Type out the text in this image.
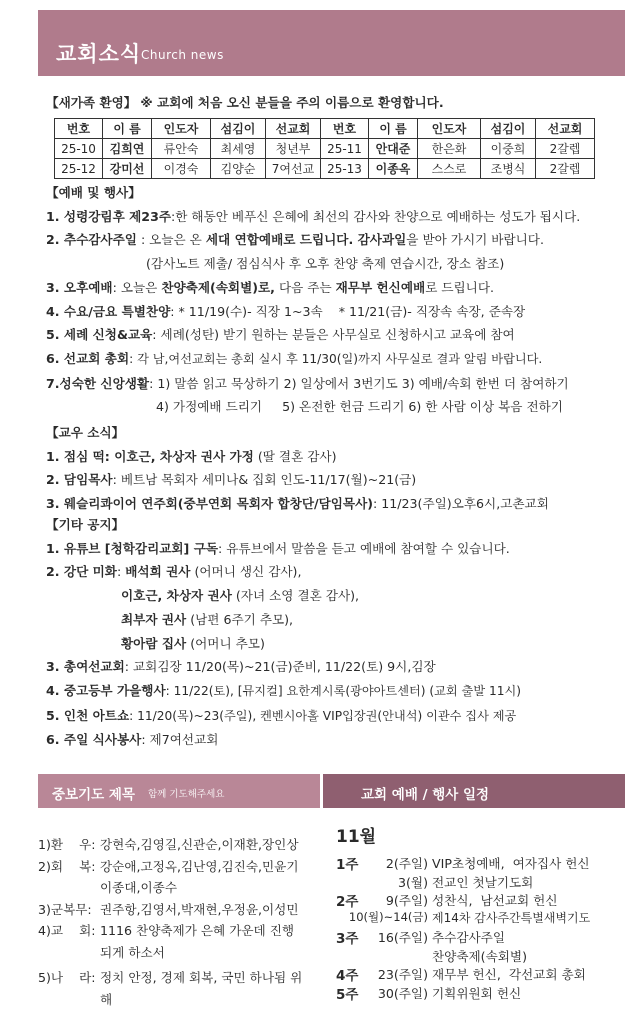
교회소식 Church news
【새가족 환영】 ※ 교회에 처음 오신 분들을 주의 이름으로 환영합니다.
번호	이 름	인도자	섬김이	선교회	번호	이 름	인도자	섬김이	선교회
25-10	김희연	류안숙	최세영	청년부	25-11	안대준	한은화	이중희	2갈렙
25-12	강미선	이경숙	김양순	7여선교	25-13	이종옥	스스로	조병식	2갈렙
【예배 및 행사】
1. 성령강림후 제23주:한 해동안 베푸신 은혜에 최선의 감사와 찬양으로 예배하는 성도가 됩시다.
2. 추수감사주일 : 오늘은 온 세대 연합예배로 드립니다. 감사과일을 받아 가시기 바랍니다.
(감사노트 제출/ 점심식사 후 오후 찬양 축제 연습시간, 장소 참조)
3. 오후예배: 오늘은 찬양축제(속회별)로, 다음 주는 재무부 헌신예배로 드립니다.
4. 수요/금요 특별찬양: * 11/19(수)- 직장 1~3속    * 11/21(금)- 직장속 속장, 준속장
5. 세례 신청&교육: 세례(성탄) 받기 원하는 분들은 사무실로 신청하시고 교육에 참여
6. 선교회 총회: 각 남,여선교회는 총회 실시 후 11/30(일)까지 사무실로 결과 알림 바랍니다.
7.성숙한 신앙생활: 1) 말씀 읽고 묵상하기 2) 일상에서 3번기도 3) 예배/속회 한번 더 참여하기
4) 가정예배 드리기     5) 온전한 헌금 드리기 6) 한 사람 이상 복음 전하기
【교우 소식】
1. 점심 떡: 이호근, 차상자 권사 가정 (딸 결혼 감사)
2. 담임목사: 베트남 목회자 세미나& 집회 인도-11/17(월)~21(금)
3. 웨슬리콰이어 연주회(중부연회 목회자 합창단/담임목사): 11/23(주일)오후6시,고촌교회
【기타 공지】
1. 유튜브 [청학감리교회] 구독: 유튜브에서 말씀을 듣고 예배에 참여할 수 있습니다.
2. 강단 미화: 배석희 권사 (어머니 생신 감사),
이호근, 차상자 권사 (자녀 소영 결혼 감사),
최부자 권사 (남편 6주기 추모),
황아람 집사 (어머니 추모)
3. 총여선교회: 교회김장 11/20(목)~21(금)준비, 11/22(토) 9시,김장
4. 중고등부 가을행사: 11/22(토), [뮤지컬] 요한계시록(광야아트센터) (교회 출발 11시)
5. 인천 아트쇼: 11/20(목)~23(주일), 켄벤시아홀 VIP입장권(안내석) 이관수 집사 제공
6. 주일 식사봉사: 제7여선교회
중보기도 제목 함께 기도해주세요	교회 예배 / 행사 일정
1)환    우: 강현숙,김영길,신관순,이재환,장인상
2)회    복: 강순애,고정옥,김난영,김진숙,민윤기 이종대,이종수
3)군복무: 권주항,김영서,박재현,우정윤,이성민
4)교    회: 1116 찬양축제가 은혜 가운데 진행되게 하소서
5)나    라: 정치 안정, 경제 회복, 국민 하나됨 위해
11월
1주	2(주일) VIP초청예배,  여자집사 헌신
3(월) 전교인 첫날기도회
2주	9(주일) 성찬식,  남선교회 헌신
10(월)~14(금) 제14차 감사주간특별새벽기도
3주	16(주일) 추수감사주일
찬양축제(속회별)
4주	23(주일) 재무부 헌신,  각선교회 총회
5주	30(주일) 기획위원회 헌신
